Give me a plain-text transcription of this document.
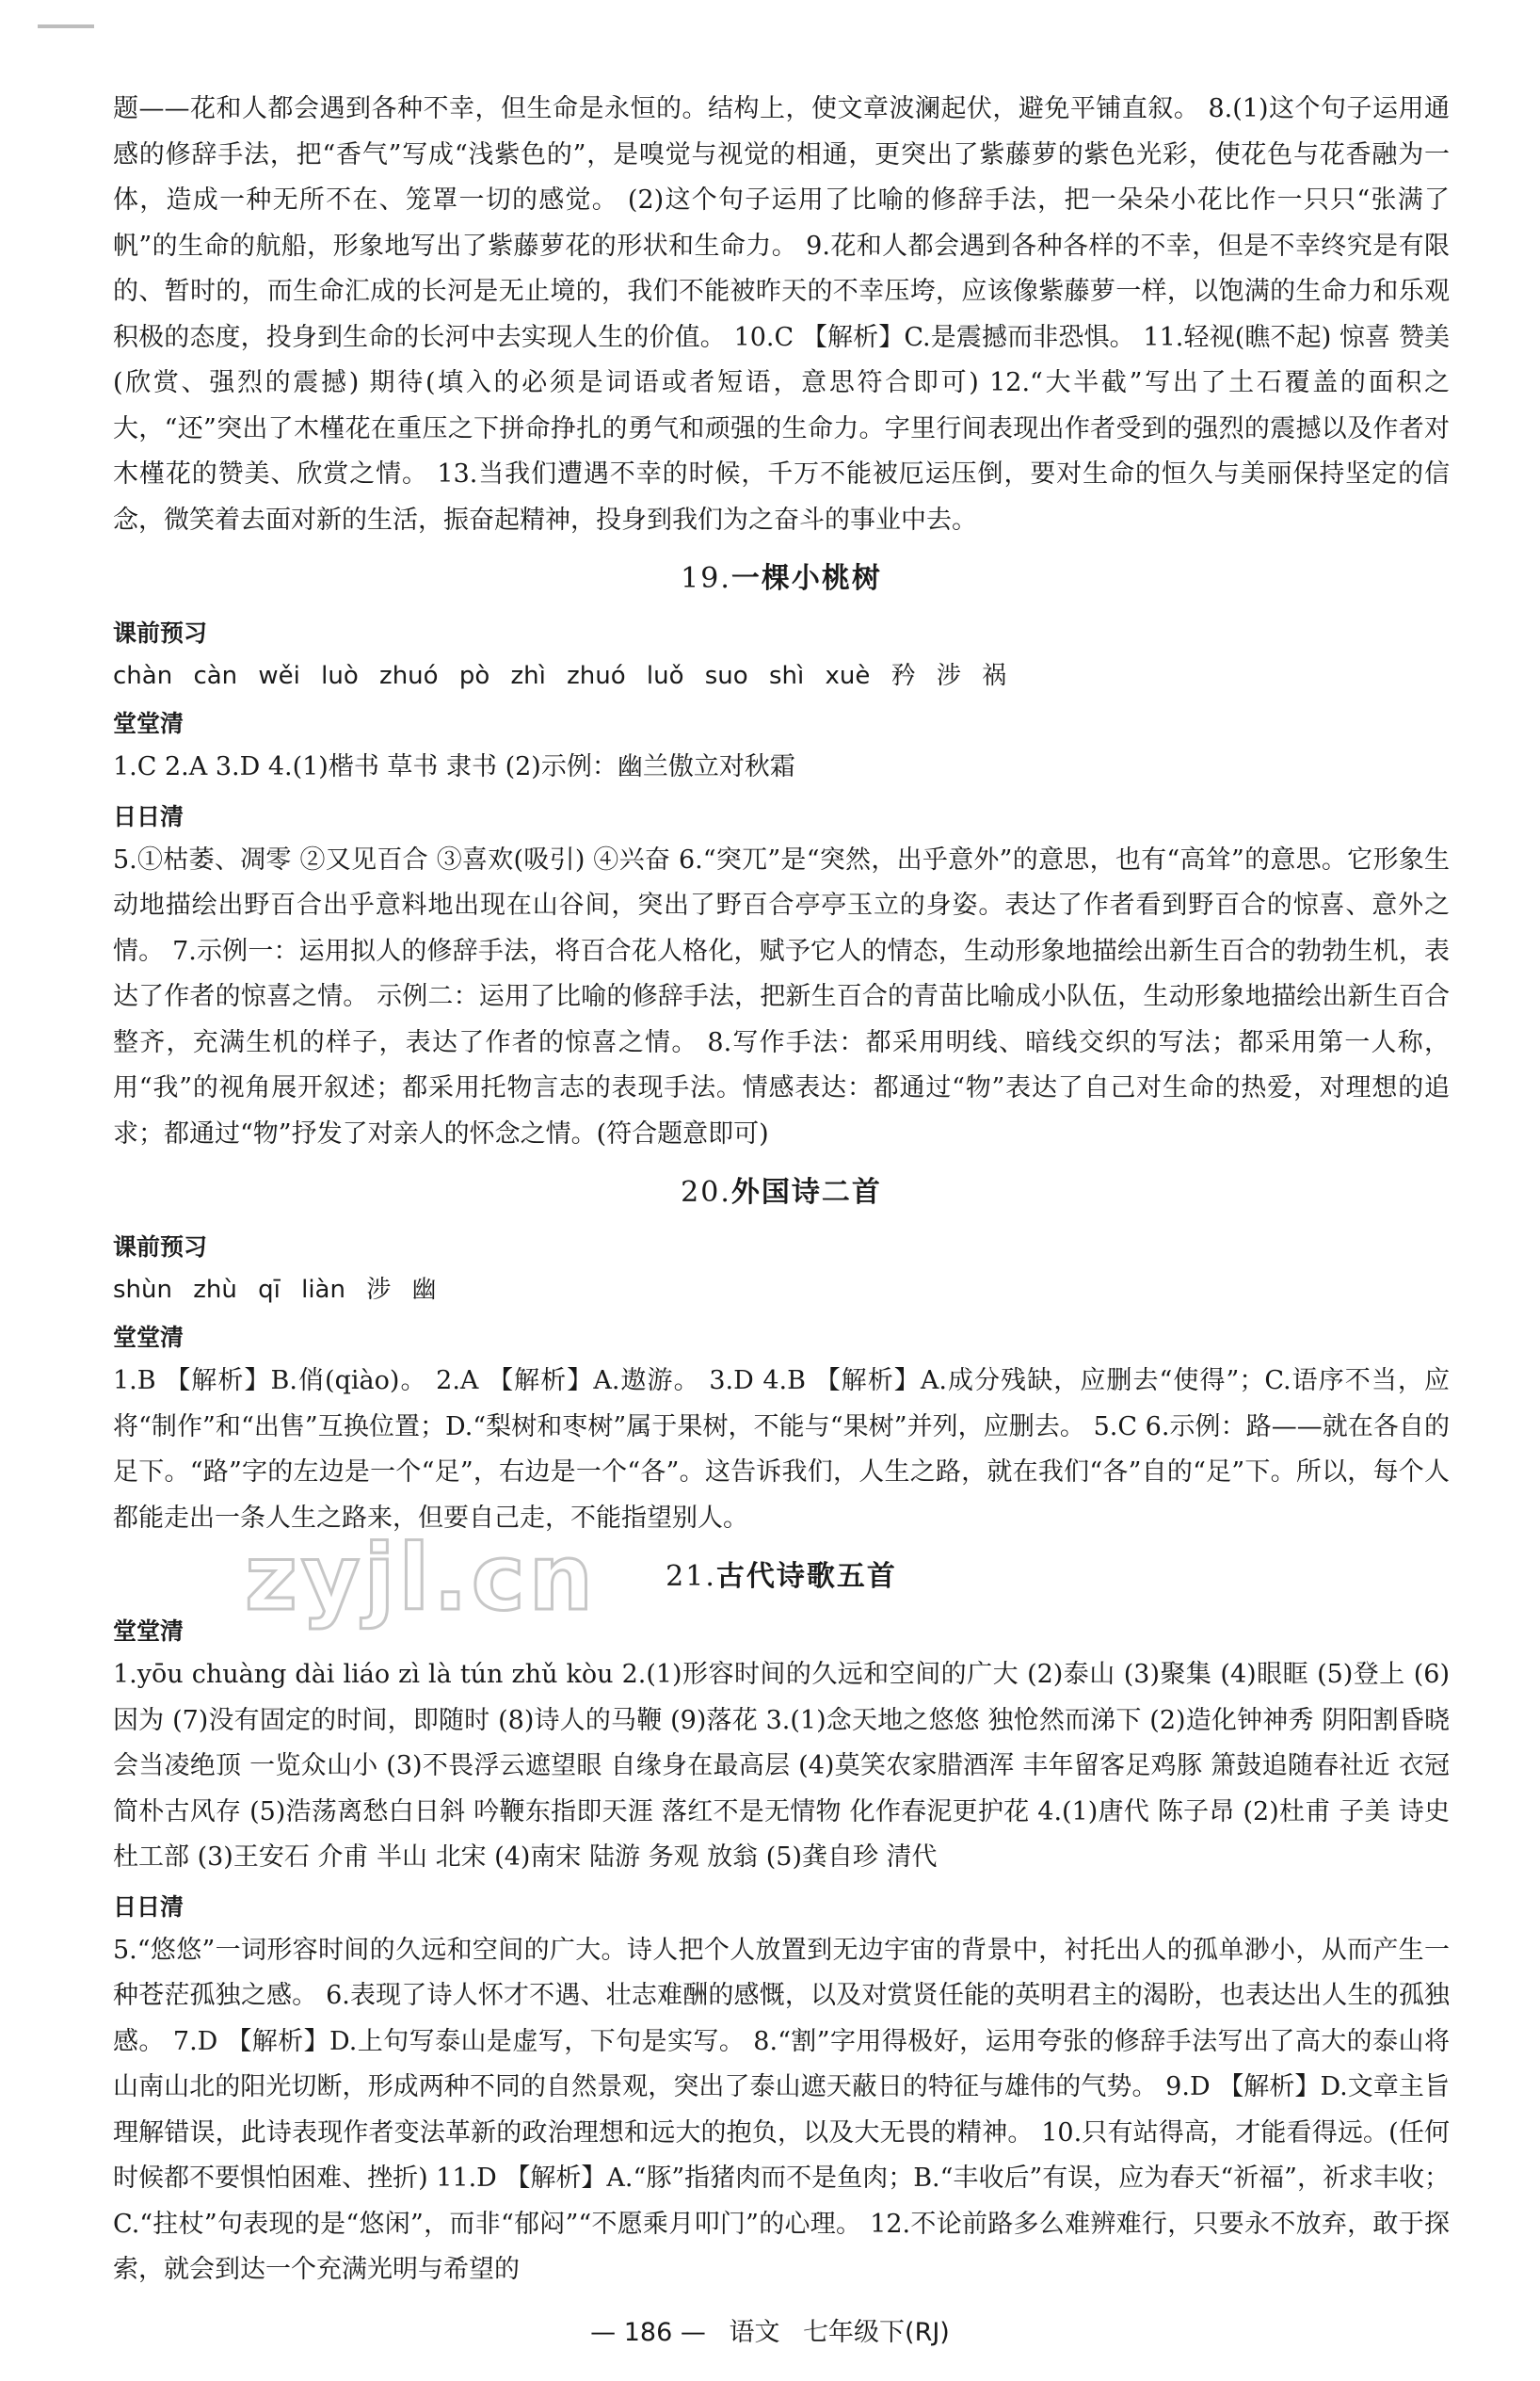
题——花和人都会遇到各种不幸，但生命是永恒的。结构上，使文章波澜起伏，避免平铺直叙。 8.(1)这个句子运用通感的修辞手法，把“香气”写成“浅紫色的”，是嗅觉与视觉的相通，更突出了紫藤萝的紫色光彩，使花色与花香融为一体，造成一种无所不在、笼罩一切的感觉。 (2)这个句子运用了比喻的修辞手法，把一朵朵小花比作一只只“张满了帆”的生命的航船，形象地写出了紫藤萝花的形状和生命力。 9.花和人都会遇到各种各样的不幸，但是不幸终究是有限的、暂时的，而生命汇成的长河是无止境的，我们不能被昨天的不幸压垮，应该像紫藤萝一样，以饱满的生命力和乐观积极的态度，投身到生命的长河中去实现人生的价值。 10.C 【解析】C.是震撼而非恐惧。 11.轻视(瞧不起) 惊喜 赞美(欣赏、强烈的震撼) 期待(填入的必须是词语或者短语，意思符合即可) 12.“大半截”写出了土石覆盖的面积之大，“还”突出了木槿花在重压之下拼命挣扎的勇气和顽强的生命力。字里行间表现出作者受到的强烈的震撼以及作者对木槿花的赞美、欣赏之情。 13.当我们遭遇不幸的时候，千万不能被厄运压倒，要对生命的恒久与美丽保持坚定的信念，微笑着去面对新的生活，振奋起精神，投身到我们为之奋斗的事业中去。

19.一棵小桃树
课前预习
chàn càn wěi luò zhuó pò zhì zhuó luǒ suo shì xuè 矜 涉 祸
堂堂清

1.C 2.A 3.D 4.(1)楷书 草书 隶书 (2)示例：幽兰傲立对秋霜

日日清

5.①枯萎、凋零 ②又见百合 ③喜欢(吸引) ④兴奋 6.“突兀”是“突然，出乎意外”的意思，也有“高耸”的意思。它形象生动地描绘出野百合出乎意料地出现在山谷间，突出了野百合亭亭玉立的身姿。表达了作者看到野百合的惊喜、意外之情。 7.示例一：运用拟人的修辞手法，将百合花人格化，赋予它人的情态，生动形象地描绘出新生百合的勃勃生机，表达了作者的惊喜之情。 示例二：运用了比喻的修辞手法，把新生百合的青苗比喻成小队伍，生动形象地描绘出新生百合整齐，充满生机的样子，表达了作者的惊喜之情。 8.写作手法：都采用明线、暗线交织的写法；都采用第一人称，用“我”的视角展开叙述；都采用托物言志的表现手法。情感表达：都通过“物”表达了自己对生命的热爱，对理想的追求；都通过“物”抒发了对亲人的怀念之情。(符合题意即可)

20.外国诗二首
课前预习
shùn zhù qī liàn 涉 幽
堂堂清

1.B 【解析】B.俏(qiào)。 2.A 【解析】A.遨游。 3.D 4.B 【解析】A.成分残缺，应删去“使得”；C.语序不当，应将“制作”和“出售”互换位置；D.“梨树和枣树”属于果树，不能与“果树”并列，应删去。 5.C 6.示例：路——就在各自的足下。“路”字的左边是一个“足”，右边是一个“各”。这告诉我们，人生之路，就在我们“各”自的“足”下。所以，每个人都能走出一条人生之路来，但要自己走，不能指望别人。

21.古代诗歌五首
堂堂清

1.yōu chuàng dài liáo zì là tún zhǔ kòu 2.(1)形容时间的久远和空间的广大 (2)泰山 (3)聚集 (4)眼眶 (5)登上 (6)因为 (7)没有固定的时间，即随时 (8)诗人的马鞭 (9)落花 3.(1)念天地之悠悠 独怆然而涕下 (2)造化钟神秀 阴阳割昏晓 会当凌绝顶 一览众山小 (3)不畏浮云遮望眼 自缘身在最高层 (4)莫笑农家腊酒浑 丰年留客足鸡豚 箫鼓追随春社近 衣冠简朴古风存 (5)浩荡离愁白日斜 吟鞭东指即天涯 落红不是无情物 化作春泥更护花 4.(1)唐代 陈子昂 (2)杜甫 子美 诗史 杜工部 (3)王安石 介甫 半山 北宋 (4)南宋 陆游 务观 放翁 (5)龚自珍 清代

日日清

5.“悠悠”一词形容时间的久远和空间的广大。诗人把个人放置到无边宇宙的背景中，衬托出人的孤单渺小，从而产生一种苍茫孤独之感。 6.表现了诗人怀才不遇、壮志难酬的感慨，以及对赏贤任能的英明君主的渴盼，也表达出人生的孤独感。 7.D 【解析】D.上句写泰山是虚写，下句是实写。 8.“割”字用得极好，运用夸张的修辞手法写出了高大的泰山将山南山北的阳光切断，形成两种不同的自然景观，突出了泰山遮天蔽日的特征与雄伟的气势。 9.D 【解析】D.文章主旨理解错误，此诗表现作者变法革新的政治理想和远大的抱负，以及大无畏的精神。 10.只有站得高，才能看得远。(任何时候都不要惧怕困难、挫折) 11.D 【解析】A.“豚”指猪肉而不是鱼肉；B.“丰收后”有误，应为春天“祈福”，祈求丰收；C.“拄杖”句表现的是“悠闲”，而非“郁闷”“不愿乘月叩门”的心理。 12.不论前路多么难辨难行，只要永不放弃，敢于探索，就会到达一个充满光明与希望的

zyjl.cn
— 186 — 语文 七年级下(RJ)
